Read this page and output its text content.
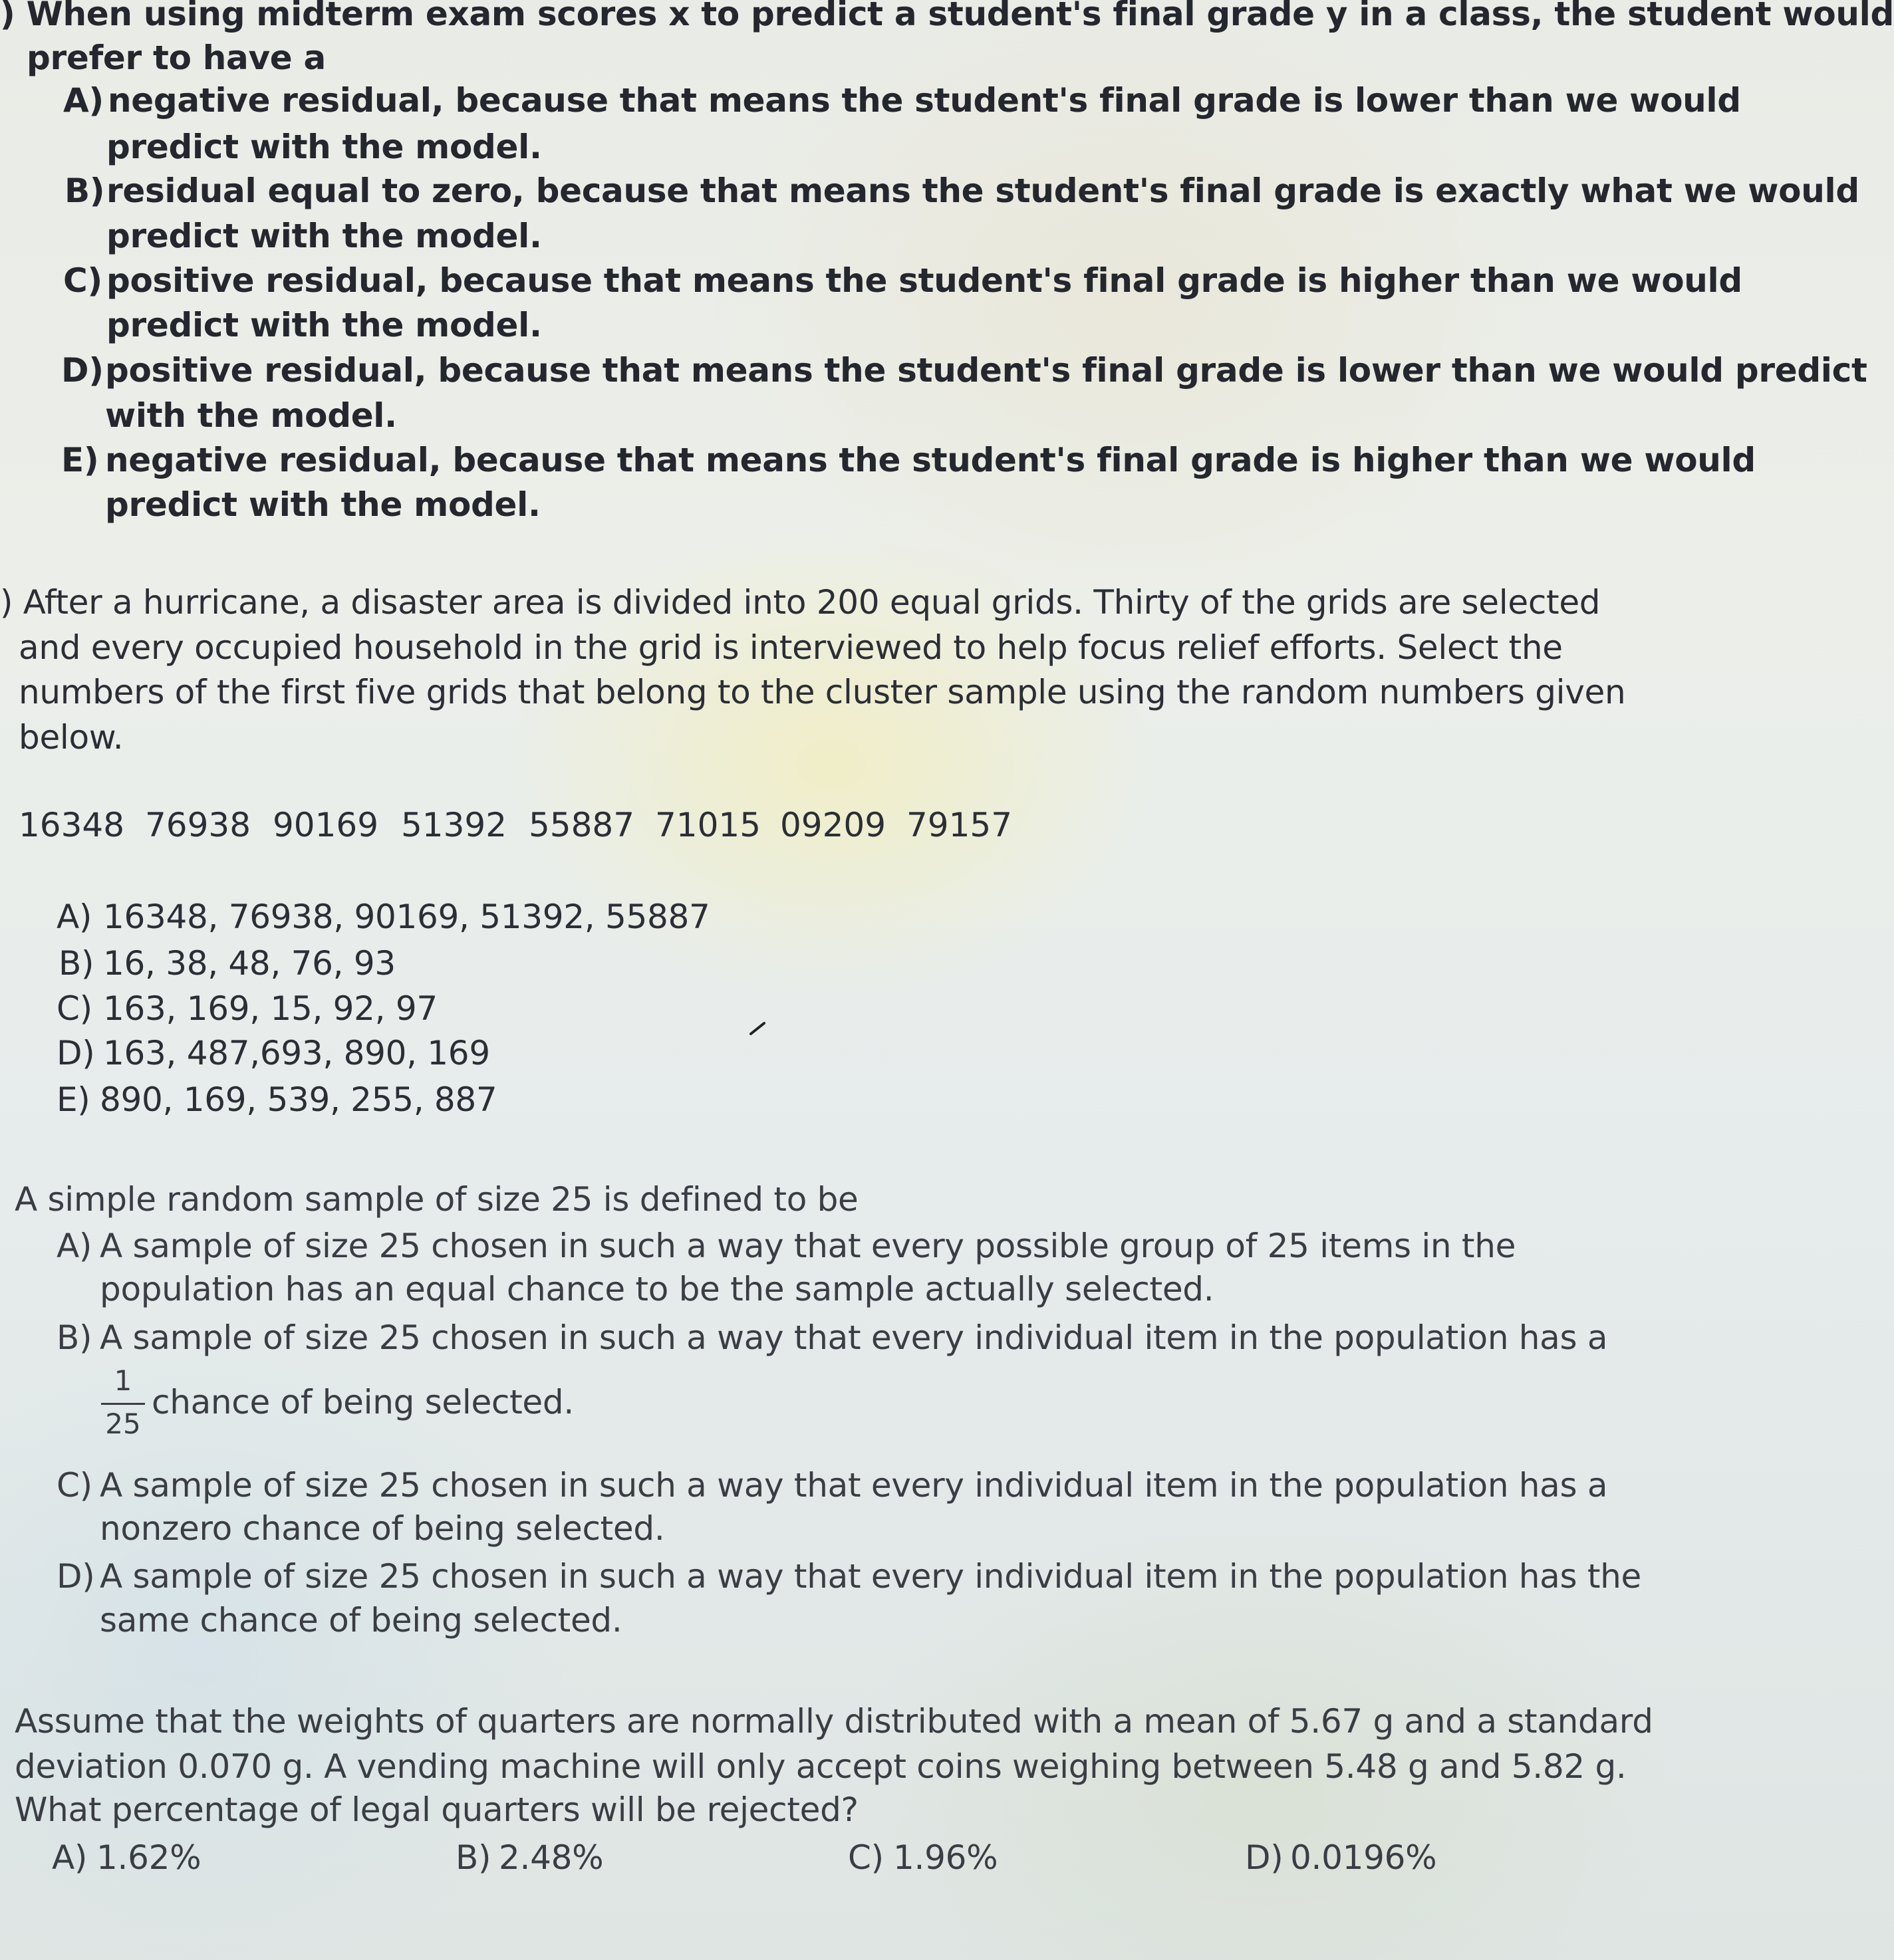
) When using midterm exam scores x to predict a student's final grade y in a class, the student would
prefer to have a
A) negative residual, because that means the student's final grade is lower than we would
predict with the model.
B) residual equal to zero, because that means the student's final grade is exactly what we would
predict with the model.
C) positive residual, because that means the student's final grade is higher than we would
predict with the model.
D) positive residual, because that means the student's final grade is lower than we would predict
with the model.
E) negative residual, because that means the student's final grade is higher than we would
predict with the model.
) After a hurricane, a disaster area is divided into 200 equal grids. Thirty of the grids are selected
and every occupied household in the grid is interviewed to help focus relief efforts. Select the
numbers of the first five grids that belong to the cluster sample using the random numbers given
below.
16348 76938 90169 51392 55887 71015 09209 79157
A) 16348, 76938, 90169, 51392, 55887
B) 16, 38, 48, 76, 93
C) 163, 169, 15, 92, 97
D) 163, 487,693, 890, 169
E) 890, 169, 539, 255, 887
A simple random sample of size 25 is defined to be
A) A sample of size 25 chosen in such a way that every possible group of 25 items in the
population has an equal chance to be the sample actually selected.
B) A sample of size 25 chosen in such a way that every individual item in the population has a
1
25
chance of being selected.
C) A sample of size 25 chosen in such a way that every individual item in the population has a
nonzero chance of being selected.
D) A sample of size 25 chosen in such a way that every individual item in the population has the
same chance of being selected.
Assume that the weights of quarters are normally distributed with a mean of 5.67 g and a standard
deviation 0.070 g. A vending machine will only accept coins weighing between 5.48 g and 5.82 g.
What percentage of legal quarters will be rejected?
A) 1.62%	B) 2.48%	C) 1.96%	D) 0.0196%
